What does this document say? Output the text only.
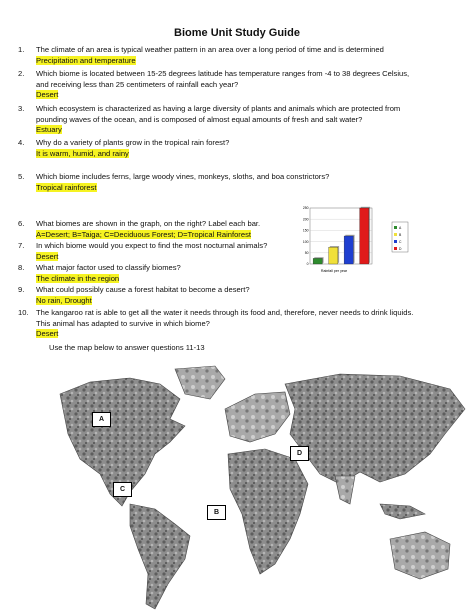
Biome Unit Study Guide
1. The climate of an area is typical weather pattern in an area over a long period of time and is determined
Precipitation and temperature
2. Which biome is located between 15-25 degrees latitude has temperature ranges from -4 to 38 degrees Celsius,
and receiving less than 25 centimeters of rainfall each year?
Desert
3. Which ecosystem is characterized as having a large diversity of plants and animals which are protected from
pounding waves of the ocean, and is composed of almost equal amounts of fresh and salt water?
Estuary
4. Why do a variety of plants grow in the tropical rain forest?
It is warm, humid, and rainy
5. Which biome includes ferns, large woody vines, monkeys, sloths, and boa constrictors?
Tropical rainforest
6. What biomes are shown in the graph, on the right? Label each bar.
A=Desert; B=Taiga; C=Deciduous Forest; D=Tropical Rainforest
7. In which biome would you expect to find the most nocturnal animals?
Desert
8. What major factor used to classify biomes?
The climate in the region
9. What could possibly cause a forest habitat to become a desert?
No rain, Drought
10. The kangaroo rat is able to get all the water it needs through its food and, therefore, never needs to drink liquids.
This animal has adapted to survive in which biome?
Desert
Use the map below to answer questions 11-13
0
50
100
150
200
250
A
B
C
D
Rainfall per year
A
C
B
D
